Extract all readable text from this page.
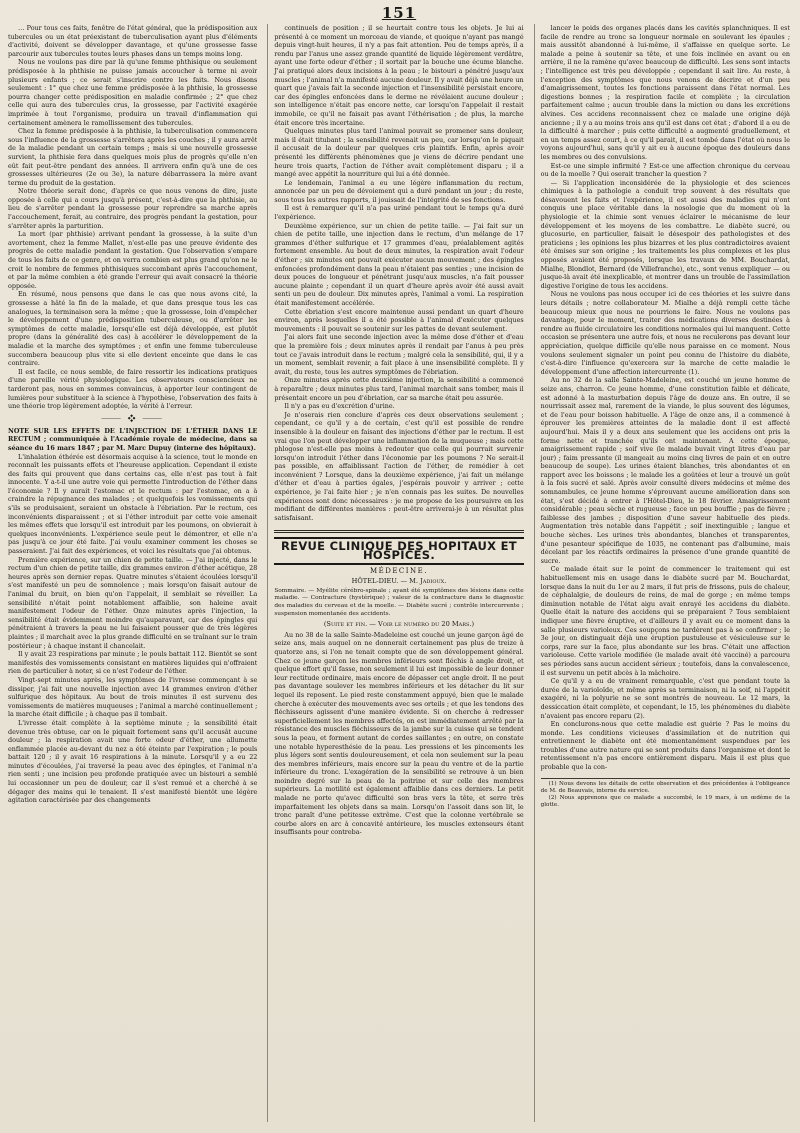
151

… Pour tous ces faits, fenêtre de l'état général, que la prédisposition aux tubercules ou un état préexistant de tuberculisation ayant plus d'éléments d'activité, doivent se développer davantage, et qu'une grossesse fasse parcourir aux tubercules toutes leurs phases dans un temps moins long.

Nous ne voulons pas dire par là qu'une femme phthisique ou seulement prédisposée à la phthisie ne puisse jamais accoucher à terme ni avoir plusieurs enfants ; ce serait s'inscrire contre les faits. Nous disons seulement : 1° que chez une femme prédisposée à la phthisie, la grossesse pourra changer cette prédisposition en maladie confirmée ; 2° que chez celle qui aura des tubercules crus, la grossesse, par l'activité exagérée imprimée à tout l'organisme, produira un travail d'inflammation qui certainement amènera le ramollissement des tubercules.

Chez la femme prédisposée à la phthisie, la tuberculisation commencera sous l'influence de la grossesse s'arrêtera après les couches ; il y aura arrêt de la maladie pendant un certain temps ; mais si une nouvelle grossesse survient, la phthisie fera dans quelques mois plus de progrès qu'elle n'en eût fait peut-être pendant des années. Il arrivera enfin qu'à une de ces grossesses ultérieures (2e ou 3e), la nature débarrassera la mère avant terme du produit de la gestation.

Notre théorie serait donc, d'après ce que nous venons de dire, juste opposée à celle qui a cours jusqu'à présent, c'est-à-dire que la phthisie, au lieu de s'arrêter pendant la grossesse pour reprendre sa marche après l'accouchement, ferait, au contraire, des progrès pendant la gestation, pour s'arrêter après la parturition.

La mort (par phthisie) arrivant pendant la grossesse, à la suite d'un avortement, chez la femme Mallet, n'est-elle pas une preuve évidente des progrès de cette maladie pendant la gestation. Que l'observation s'empare de tous les faits de ce genre, et on verra combien est plus grand qu'on ne le croit le nombre de femmes phthisiques succombant après l'accouchement, et par la même combien a été grande l'erreur qui avait consacré la théorie opposée.

En résumé, nous pensons que dans le cas que nous avons cité, la grossesse a hâté la fin de la malade, et que dans presque tous les cas analogues, la terminaison sera la même ; que la grossesse, loin d'empêcher le développement d'une prédisposition tuberculeuse, ou d'arrêter les symptômes de cette maladie, lorsqu'elle est déjà développée, est plutôt propre (dans la généralité des cas) à accélérer le développement de la maladie et la marche des symptômes ; et enfin une femme tuberculeuse succombera beaucoup plus vite si elle devient enceinte que dans le cas contraire.

Il est facile, ce nous semble, de faire ressortir les indications pratiques d'une pareille vérité physiologique. Les observateurs consciencieux ne tarderont pas, nous en sommes convaincus, à apporter leur contingent de lumières pour substituer à la science à l'hypothèse, l'observation des faits à une théorie trop légèrement adoptée, la vérité à l'erreur.

⸻ ❖ ⸻

NOTE SUR LES EFFETS DE L'INJECTION DE L'ÉTHER DANS LE RECTUM ; communiquée à l'Académie royale de médecine, dans sa séance du 16 mars 1847 ; par M. Marc Dupuy (interne des hôpitaux).

L'inhalation éthérée est désormais acquise à la science, tout le monde en reconnaît les puissants effets et l'heureuse application. Cependant il existe des faits qui prouvent que dans certains cas, elle n'est pas tout à fait innocente. Y a-t-il une autre voie qui permette l'introduction de l'éther dans l'économie ? Il y aurait l'estomac et le rectum : par l'estomac, on a à craindre la répugnance des malades ; et quelquefois les vomissements qui s'ils se produisaient, seraient un obstacle à l'ébriation. Par le rectum, ces inconvénients disparaissent ; et si l'éther introduit par cette voie amenait les mêmes effets que lorsqu'il est introduit par les poumons, on obvierait à quelques inconvénients. L'expérience seule peut le démontrer, et elle n'a pas jusqu'à ce jour été faite. J'ai voulu examiner comment les choses se passeraient. J'ai fait des expériences, et voici les résultats que j'ai obtenus.

Première expérience, sur un chien de petite taille. — J'ai injecté, dans le rectum d'un chien de petite taille, dix grammes environ d'éther acétique, 28 heures après son dernier repas. Quatre minutes s'étaient écoulées lorsqu'il s'est manifesté un peu de somnolence ; mais lorsqu'on faisait autour de l'animal du bruit, on bien qu'on l'appelait, il semblait se réveiller. La sensibilité n'était point notablement affaiblie, son haleine avait manifestement l'odeur de l'éther. Onze minutes après l'injection, la sensibilité était évidemment moindre qu'auparavant, car des épingles qui pénétraient à travers la peau ne lui faisaient pousser que de très légères plaintes ; il marchait avec la plus grande difficulté en se traînant sur le train postérieur ; à chaque instant il chancelait.

Il y avait 23 respirations par minute ; le pouls battait 112. Bientôt se sont manifestés des vomissements consistant en matières liquides qui n'offraient rien de particulier à noter, si ce n'est l'odeur de l'éther.

Vingt-sept minutes après, les symptômes de l'ivresse commençant à se dissiper, j'ai fait une nouvelle injection avec 14 grammes environ d'éther sulfurique des hôpitaux. Au bout de trois minutes il est survenu des vomissements de matières muqueuses ; l'animal a marché continuellement ; la marche était difficile ; à chaque pas il tombait.

L'ivresse était complète à la septième minute ; la sensibilité était devenue très obtuse, car on le piquait fortement sans qu'il accusât aucune douleur ; la respiration avait une forte odeur d'éther, une allumette enflammée placée au-devant du nez a été éteinte par l'expiration ; le pouls battait 120 ; il y avait 16 respirations à la minute. Lorsqu'il y a eu 22 minutes d'écoulées, j'ai traversé la peau avec des épingles, et l'animal n'a rien senti ; une incision peu profonde pratiquée avec un bistouri a semblé lui occasionner un peu de douleur, car il s'est remué et a cherché à se dégager des mains qui le tenaient. Il s'est manifesté bientôt une légère agitation caractérisée par des changements

continuels de position ; il se heurtait contre tous les objets. Je lui ai présenté à ce moment un morceau de viande, et quoique n'ayant pas mangé depuis vingt-huit heures, il n'y a pas fait attention. Peu de temps après, il a rendu par l'anus une assez grande quantité de liquide légèrement verdâtre, ayant une forte odeur d'éther ; il sortait par la bouche une écume blanche. J'ai pratiqué alors deux incisions à la peau ; le bistouri a pénétré jusqu'aux muscles ; l'animal n'a manifesté aucune douleur. Il y avait déjà une heure un quart que j'avais fait la seconde injection et l'insensibilité persistait encore, car des épingles enfoncées dans le derme ne révélaient aucune douleur ; son intelligence n'était pas encore nette, car lorsqu'on l'appelait il restait immobile, ce qu'il ne faisait pas avant l'éthérisation ; de plus, la marche était encore très incertaine.

Quelques minutes plus tard l'animal pouvait se promener sans douleur, mais il était titubant ; la sensibilité revenait un peu, car lorsqu'on le piquait il accusait de la douleur par quelques cris plaintifs. Enfin, après avoir présenté les différents phénomènes que je viens de décrire pendant une heure trois quarts, l'action de l'éther avait complètement disparu ; il a mangé avec appétit la nourriture qui lui a été donnée.

Le lendemain, l'animal a eu une légère inflammation du rectum, annoncée par un peu de dévoiement qui a duré pendant un jour ; du reste, sous tous les autres rapports, il jouissait de l'intégrité de ses fonctions.

Il est à remarquer qu'il n'a pas uriné pendant tout le temps qu'a duré l'expérience.

Deuxième expérience, sur un chien de petite taille. — J'ai fait sur un chien de petite taille, une injection dans le rectum, d'un mélange de 17 grammes d'éther sulfurique et 17 grammes d'eau, préalablement agités fortement ensemble. Au bout de deux minutes, la respiration avait l'odeur d'éther ; six minutes ont pouvait exécuter aucun mouvement ; des épingles enfoncées profondément dans la peau n'étaient pas senties ; une incision de deux pouces de longueur et pénétrant jusqu'aux muscles, n'a fait pousser aucune plainte ; cependant il un quart d'heure après avoir été aussi avait senti un peu de douleur. Dix minutes après, l'animal a vomi. La respiration était manifestement accélérée.

Cette ébriation s'est encore maintenue aussi pendant un quart d'heure environ, après lesquelles il a été possible à l'animal d'exécuter quelques mouvements : il pouvait se soutenir sur les pattes de devant seulement.

J'ai alors fait une seconde injection avec la même dose d'éther et d'eau que la première fois ; deux minutes après il rendait par l'anus à peu près tout ce j'avais introduit dans le rectum ; malgré cela la sensibilité, qui, il y a un moment, semblait revenir, a fait place à une insensibilité complète. Il y avait, du reste, tous les autres symptômes de l'ébriation.

Onze minutes après cette deuxième injection, la sensibilité a commencé à reparaître ; deux minutes plus tard, l'animal marchait sans tomber, mais il présentait encore un peu d'ébriation, car sa marche était peu assurée.

Il n'y a pas eu d'excrétion d'urine.

Je n'oserais rien conclure d'après ces deux observations seulement ; cependant, ce qu'il y a de certain, c'est qu'il est possible de rendre insensible à la douleur en faisant des injections d'éther par le rectum. Il est vrai que l'on peut développer une inflammation de la muqueuse ; mais cette phlogose n'est-elle pas moins à redouter que celle qui pourrait survenir lorsqu'on introduit l'éther dans l'économie par les poumons ? Ne serait-il pas possible, en affaiblissant l'action de l'éther, de remédier à cet inconvénient ? Lorsque, dans la deuxième expérience, j'ai fait un mélange d'éther et d'eau à parties égales, j'espérais pouvoir y arriver ; cette expérience, je l'ai faite hier ; je n'en connais pas les suites. De nouvelles expériences sont donc nécessaires : je me propose de les poursuivre en les modifiant de différentes manières : peut-être arriverai-je à un résultat plus satisfaisant.

REVUE CLINIQUE DES HOPITAUX ET HOSPICES.
MÉDECINE.
HÔTEL-DIEU. — M. Jadioux.

Sommaire. — Myélite cérébro-spinale ; ayant été symptômes des lésions dans cette maladie. — Contracture (hystérique) ; valeur de la contracture dans le diagnostic des maladies du cerveau et de la moelle. — Diabète sucré ; contrôle intercurrente ; suspension momentanée des accidents.

(Suite et fin. — Voir le numéro du 20 Mars.)

Au no 38 de la salle Sainte-Madeleine est couché un jeune garçon âgé de seize ans, mais auquel on ne donnerait certainement pas plus de treize à quatorze ans, si l'on ne tenait compte que de son développement général. Chez ce jeune garçon les membres inférieurs sont fléchis à angle droit, et quelque effort qu'il fasse, non seulement il lui est impossible de leur donner leur rectitude ordinaire, mais encore de dépasser cet angle droit. Il ne peut pas davantage soulever les membres inférieurs et les détacher du lit sur lequel ils reposent. Le pied reste constamment appuyé, bien que le malade cherche à exécuter des mouvements avec ses orteils ; et que les tendons des fléchisseurs agissent d'une manière évidente. Si on cherche à redresser superficiellement les membres affectés, on est immédiatement arrêté par la résistance des muscles fléchisseurs de la jambe sur la cuisse qui se tendent sous la peau, et forment autant de cordes saillantes ; en outre, on constate une notable hyperesthésie de la peau. Les pressions et les pincements les plus légers sont sentis douloureusement, et cela non seulement sur la peau des membres inférieurs, mais encore sur la peau du ventre et de la partie inférieure du tronc. L'exagération de la sensibilité se retrouve à un bien moindre degré sur la peau de la poitrine et sur celle des membres supérieurs. La motilité est également affaiblie dans ces derniers. Le petit malade ne porte qu'avec difficulté son bras vers la tête, et serre très imparfaitement les objets dans sa main. Lorsqu'on l'assoit dans son lit, le tronc paraît d'une petitesse extrême. C'est que la colonne vertébrale se courbe alors en arc à concavité antérieure, les muscles extenseurs étant insuffisants pour contreba-

lancer le poids des organes placés dans les cavités splanchniques. Il est facile de rendre au tronc sa longueur normale en soulevant les épaules ; mais aussitôt abandonné à lui-même, il s'affaisse en quelque sorte. Le malade a peine à soutenir sa tête, et une fois inclinée en avant ou en arrière, il ne la ramène qu'avec beaucoup de difficulté. Les sens sont intacts ; l'intelligence est très peu développée ; cependant il sait lire. Au reste, à l'exception des symptômes que nous venons de décrire et d'un peu d'amaigrissement, toutes les fonctions paraissent dans l'état normal. Les digestions bonnes ; la respiration facile et complète ; la circulation parfaitement calme ; aucun trouble dans la miction ou dans les excrétions alvines. Ces accidens reconnaissent chez ce malade une origine déjà ancienne ; il y a au moins trois ans qu'il est dans cet état ; d'abord il a eu de la difficulté à marcher ; puis cette difficulté a augmenté graduellement, et en un temps assez court, à ce qu'il parait, il est tombé dans l'état où nous le voyons aujourd'hui, sans qu'il y ait eu à aucune époque des douleurs dans les membres ou des convulsions.

Est-ce une simple infirmité ? Est-ce une affection chronique du cerveau ou de la moelle ? Qui oserait trancher la question ?

— Si l'application inconsidérée de la physiologie et des sciences chimiques à la pathologie a conduit trop souvent à des résultats que désavouent les faits et l'expérience, il est aussi des maladies qui n'ont conquis une place véritable dans la nosologie que du moment où la physiologie et la chimie sont venues éclairer le mécanisme de leur développement et les moyens de les combattre. Le diabète sucré, ou glucosurie, en particulier, faisait le désespoir des pathologistes et des praticiens ; les opinions les plus bizarres et les plus contradictoires avaient été émises sur son origine ; les traitements les plus complexes et les plus opposés avaient été proposés, lorsque les travaux de MM. Bouchardat, Mialhe, Blondlot, Bernard (de Villefranche), etc., sont venus expliquer — ou jusque-là avait été inexplicable, et montrer dans un trouble de l'assimilation digestive l'origine de tous les accidens.

Nous ne voulons pas nous occuper ici de ces théories et les suivre dans leurs détails ; notre collaborateur M. Mialhe a déjà rempli cette tâche beaucoup mieux que nous ne pourrions le faire. Nous ne voulons pas davantage, pour le moment, traiter des médications diverses destinées à rendre au fluide circulatoire les conditions normales qui lui manquent. Cette occasion se présentera une autre fois, et nous ne reculerons pas devant leur appréciation, quelque difficile qu'elle nous paraisse en ce moment. Nous voulons seulement signaler un point peu connu de l'histoire du diabète, c'est-à-dire l'influence qu'exercera sur la marche de cette maladie le développement d'une affection intercurrente (1).

Au no 32 de la salle Sainte-Madeleine, est couché un jeune homme de seize ans, charron. Ce jeune homme, d'une constitution faible et délicate, est adonné à la masturbation depuis l'âge de douze ans. En outre, il se nourrissait assez mal, rarement de la viande, le plus souvent des légumes, et de l'eau pour boisson habituelle. A l'âge de onze ans, il a commencé à éprouver les premières atteintes de la maladie dont il est affecté aujourd'hui. Mais il y a deux ans seulement que les accidens ont pris la forme nette et tranchée qu'ils ont maintenant. A cette époque, amaigrissement rapide ; soif vive (le malade buvait vingt litres d'eau par jour) ; faim pressante (il mangeait au moins cinq livres de pain et en outre beaucoup de soupe). Les urines étaient blanches, très abondantes et en rapport avec les boissons ; le malade les a goûtées et leur a trouvé un goût à la fois sucré et salé. Après avoir consulté divers médecins et même des somnambules, ce jeune homme s'éprouvant aucune amélioration dans son état, s'est décidé à entrer à l'Hôtel-Dieu, le 18 février. Amaigrissement considérable ; peau sèche et rugueuse ; face un peu bouffie ; pas de fièvre ; faiblesse des jambes ; disposition d'une saveur habituelle des pieds. Augmentation très notable dans l'appétit ; soif inextinguible ; langue et bouche sèches. Les urines très abondantes, blanches et transparentes, d'une pesanteur spécifique de 1035, ne contenant pas d'albumine, mais décelant par les réactifs ordinaires la présence d'une grande quantité de sucre.

Ce malade était sur le point de commencer le traitement qui est habituellement mis en usage dans le diabète sucré par M. Bouchardat, lorsque dans la nuit du 1er au 2 mars, il fut pris de frissons, puis de chaleur, de céphalalgie, de douleurs de reins, de mal de gorge ; en même temps diminution notable de l'état aigu avait enrayé les accidens du diabète. Quelle était la nature des accidens qui se préparaient ? Tous semblaient indiquer une fièvre éruptive, et d'ailleurs il y avait eu ce moment dans la salle plusieurs varioleux. Ces soupçons ne tardèrent pas à se confirmer ; le 3e jour, on distinguait déjà une éruption pustuleuse et vésiculeuse sur le corps, rare sur la face, plus abondante sur les bras. C'était une affection varioleuse. Cette variole modifiée (le malade avait été vacciné) a parcouru ses périodes sans aucun accident sérieux ; toutefois, dans la convalescence, il est survenu un petit abcès à la mâchoire.

Ce qu'il y a eu de vraiment remarquable, c'est que pendant toute la durée de la varioloïde, et même après sa terminaison, ni la soif, ni l'appétit exagéré, ni la polyurie ne se sont montrés de nouveau. Le 12 mars, la dessiccation était complète, et cependant, le 15, les phénomènes du diabète n'avaient pas encore reparu (2).

En conclurons-nous que cette maladie est guérie ? Pas le moins du monde. Les conditions vicieuses d'assimilation et de nutrition qui entretiennent le diabète ont été momentanément suspendues par les troubles d'une autre nature qui se sont produits dans l'organisme et dont le retentissement n'a pas encore entièrement disparu. Mais il est plus que probable que la con-

(1) Nous devons les détails de cette observation et des précédentes à l'obligeance de M. de Beauvais, interne du service.

(2) Nous apprenons que ce malade a succombé, le 19 mars, à un œdème de la glotte.
